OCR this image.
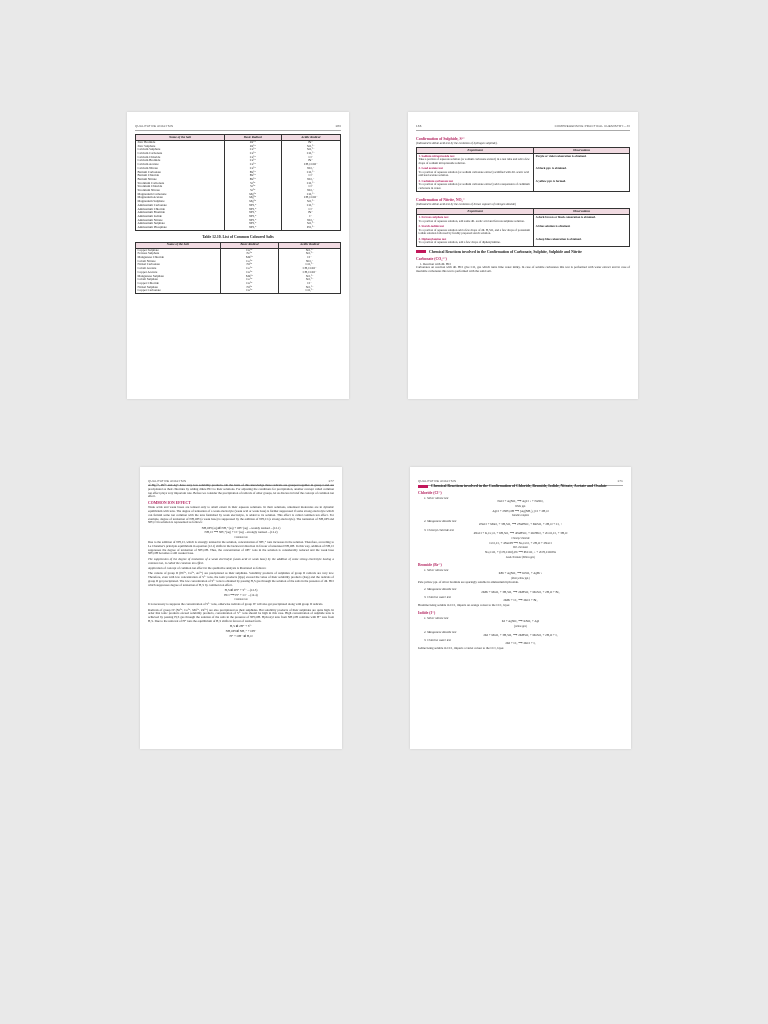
QUALITATIVE ANALYSIS	183
Name of the Salt	Basic Radical	Acidic Radical
Zinc Bromide	Zn²⁺	Br⁻
Zinc Sulphate	Zn²⁺	SO₄²⁻
Calcium Sulphate	Ca²⁺	SO₄²⁻
Calcium Carbonate	Ca²⁺	CO₃²⁻
Calcium Chloride	Ca²⁺	Cl⁻
Calcium Bromide	Ca²⁺	Br⁻
Calcium Acetate	Ca²⁺	CH₃COO⁻
Calcium Nitrate	Ca²⁺	NO₃⁻
Barium Carbonate	Ba²⁺	CO₃²⁻
Barium Chloride	Ba²⁺	Cl⁻
Barium Nitrate	Ba²⁺	NO₃⁻
Strontium Carbonate	Sr²⁺	CO₃²⁻
Strontium Chloride	Sr²⁺	Cl⁻
Strontium Nitrate	Sr²⁺	NO₃⁻
Magnesium Carbonate	Mg²⁺	CO₃²⁻
Magnesium Acetate	Mg²⁺	CH₃COO⁻
Magnesium Sulphate	Mg²⁺	SO₄²⁻
Ammonium Carbonate	NH₄⁺	CO₃²⁻
Ammonium Chloride	NH₄⁺	Cl⁻
Ammonium Bromide	NH₄⁺	Br⁻
Ammonium Iodide	NH₄⁺	I⁻
Ammonium Nitrate	NH₄⁺	NO₃⁻
Ammonium Sulphate	NH₄⁺	SO₄²⁻
Ammonium Phosphate	NH₄⁺	PO₄³⁻
Table 12.10. List of Common Coloured Salts
Name of the Salt	Basic Radical	Acidic Radical
Copper Sulphate	Cu²⁺	SO₄²⁻
Ferrous Sulphate	Fe²⁺	SO₄²⁻
Manganese Chloride	Mn²⁺	Cl⁻
Cobalt Nitrate	Co²⁺	NO₃⁻
Nickel Carbonate	Ni²⁺	CO₃²⁻
Cobalt Acetate	Co²⁺	CH₃COO⁻
Copper Acetate	Cu²⁺	CH₃COO⁻
Manganese Sulphate	Mn²⁺	SO₄²⁻
Cobalt Sulphate	Co²⁺	SO₄²⁻
Copper Chloride	Cu²⁺	Cl⁻
Nickel Sulphate	Ni²⁺	SO₄²⁻
Copper Carbonate	Cu²⁺	CO₃²⁻
166	COMPREHENSIVE PRACTICAL CHEMISTRY—XI
Confirmation of Sulphide, S²⁻
(Indicated in dilute acid test by the evolution of hydrogen sulphide).
Experiment	Observations

1. Sodium nitroprusside test
Take a portion of aqueous solution (or sodium carbonate extract) in a test tube and add a few drops of sodium nitroprusside solution.	Purple or violet colouration is obtained.

2. Lead acetate test
To a portion of aqueous solution (or sodium carbonate extract) acidified with dil. acetic acid add lead acetate solution.	A black ppt. is obtained.

3. Cadmium carbonate test
To a portion of aqueous solution (or sodium carbonate extract) add a suspension of cadmium carbonate in water.	A yellow ppt. is formed.
Confirmation of Nitrite, NO₂⁻
(Indicated in dilute acid test by the evolution of brown vapours of nitrogen dioxide)
Experiment	Observations

1. Ferrous sulphate test
To a portion of aqueous solution, add some dil. acetic acid and ferrous sulphate solution.	A dark brown or black colouration is obtained.

2. Starch-iodide test
To a portion of aqueous solution add a few drops of dil. H₂SO₄ and a few drops of potassium iodide solution followed by freshly prepared starch solution.	A blue solution is obtained.

3. Diphenylamine test
To a portion of aqueous solution, add a few drops of diphenylamine.	A deep blue colouration is obtained.
Chemical Reactions involved in the Confirmation of Carbonate, Sulphite, Sulphide and Nitrite
Carbonate (CO₃²⁻)
1. Reaction with dil. HCl
Carbonates on reaction with dil. HCl give CO₂ gas which turns lime water milky. In case of soluble carbonates this test is performed with water extract and in case of insoluble carbonates this test is performed with the solid salt.
QUALITATIVE ANALYSIS	177
of Hg₂²⁺, Pb²⁺ and Ag⁺ have very low solubility products. On the basis of this knowledge these radicals are grouped together in group I and are precipitated as their chlorides by adding dilute HCl to their solutions. For adjusting the conditions for precipitation, another concept called common ion effect plays very important role. Before we consider the precipitation of radicals of other groups, let us discuss in brief the concept of common ion effect.
COMMON ION EFFECT
Weak acids and weak bases are ionised only to small extent in their aqueous solutions. In their solutions, unionised molecules are in dynamic equilibrium with ions. The degree of ionisation of a weak electrolyte (weak acid or weak base) is further suppressed if some strong electrolyte which can furnish some ion common with the ions furnished by weak electrolyte, is added to its solution. This effect is called common ion effect. For example, degree of ionisation of NH₄OH (a weak base) is suppressed by the addition of NH₄Cl (a strong electrolyte). The ionisation of NH₄OH and NH₄Cl in solution is represented as follows:
NH₄OH (aq) ⇌ NH₄⁺(aq) + OH⁻(aq) ...weakly ionised ...(12.1)
NH₄Cl ⟶ NH₄⁺(aq) + Cl⁻(aq) ...strongly ionised ...(12.2)
Common ion
Due to the addition of NH₄Cl, which is strongly ionised in the solution, concentration of NH₄⁺ ions increases in the solution. Therefore, according to Le Chatelier's principle equilibrium in equation (12.1) shifts in the backward direction in favour of unionised NH₄OH. In this way, addition of NH₄Cl suppresses the degree of ionisation of NH₄OH. Thus, the concentration of OH⁻ ions in the solution is considerably reduced and the weak base NH₄OH becomes a still weaker base.
The suppression of the degree of ionisation of a weak electrolyte (weak acid or weak base) by the addition of some strong electrolyte having a common ion, is called the common ion effect.
Application of concept of common ion effect in the qualitative analysis is illustrated as follows:
The cations of group II (Pb²⁺, Cu²⁺, As³⁺) are precipitated as their sulphides. Solubility products of sulphides of group II radicals are very low. Therefore, even with low concentration of S²⁻ ions, the ionic products (Qsp) exceed the value of their solubility products (Ksp) and the radicals of group II get precipitated. The low concentration of S²⁻ ions is obtained by passing H₂S gas through the solution of the salts in the presence of dil. HCl which suppresses degree of ionisation of H₂S by common ion effect.
H₂S ⇌ 2H⁺ + S²⁻ ...(12.3)
HCl ⟶ H⁺ + Cl⁻ ...(12.4)
Common ion
It is necessary to suppress the concentration of S²⁻ ions, otherwise radicals of group IV will also get precipitated along with group II radicals.
Radicals of group IV (Ni²⁺, Co²⁺, Mn²⁺, Zn²⁺) are also precipitated as their sulphides. But solubility products of their sulphides are quite high. In order that ionic products exceed solubility products, concentration of S²⁻ ions should be high in this case. High concentration of sulphide ions is achieved by passing H₂S gas through the solution of the salts in the presence of NH₄OH. Hydroxyl ions from NH₄OH combine with H⁺ ions from H₂S. Due to the removal of H⁺ ions the equilibrium of H₂S shifts in favour of ionised form.
H₂S ⇌ 2H⁺ + S²⁻
NH₄OH ⇌ NH₄⁺ + OH⁻
H⁺ + OH⁻ ⇌ H₂O
QUALITATIVE ANALYSIS	171
Chemical Reactions involved in the Confirmation of Chloride, Bromide, Iodide, Nitrate, Acetate and Oxalate
Chloride (Cl⁻)
1. Silver nitrate test
NaCl + AgNO₃ ⟶ AgCl ↓ + NaNO₃
White ppt.
AgCl + 2NH₄OH ⟶ [Ag(NH₃)₂] Cl + 2H₂O
Soluble complex
2. Manganese dioxide test
2NaCl + MnO₂ + 3H₂SO₄ ⟶ 2NaHSO₄ + MnSO₄ + 2H₂O + Cl₂ ↑
3. Chromyl chloride test
4NaCl + K₂Cr₂O₇ + 6H₂SO₄ ⟶ 4NaHSO₄ + 2KHSO₄ + 2CrO₂Cl₂ + 3H₂O
Chromyl chloride
CrO₂Cl₂ + 4NaOH ⟶ Na₂CrO₄ + 2H₂O + 2NaCl
Yell. chromate
Na₂CrO₄ + (CH₃COO)₂Pb ⟶ PbCrO₄ ↓ + 2CH₃COONa
Lead chromate (Yellow ppt.)
Bromide (Br⁻)
1. Silver nitrate test
KBr + AgNO₃ ⟶ KNO₃ + AgBr ↓
(Pale yellow ppt.)
Pale yellow ppt. of silver bromide are sparingly soluble in ammonium hydroxide.
2. Manganese dioxide test
2KBr + MnO₂ + 3H₂SO₄ ⟶ 2KHSO₄ + MnSO₄ + 2H₂O + Br₂
3. Chlorine water test
2KBr + Cl₂ ⟶ 2KCl + Br₂
Bromine being soluble in CCl₄ imparts an orange colour to the CCl₄ layer.
Iodide (I⁻)
1. Silver nitrate test
KI + AgNO₃ ⟶ KNO₃ + AgI
(yellow ppt.)
2. Manganese dioxide test
2KI + MnO₂ + 3H₂SO₄ ⟶ 2KHSO₄ + MnSO₄ + 2H₂O + I₂
3. Chlorine water test
2KI + Cl₂ ⟶ 2KCl + I₂
Iodine being soluble in CCl₄ imparts a violet colour to the CCl₄ layer.
